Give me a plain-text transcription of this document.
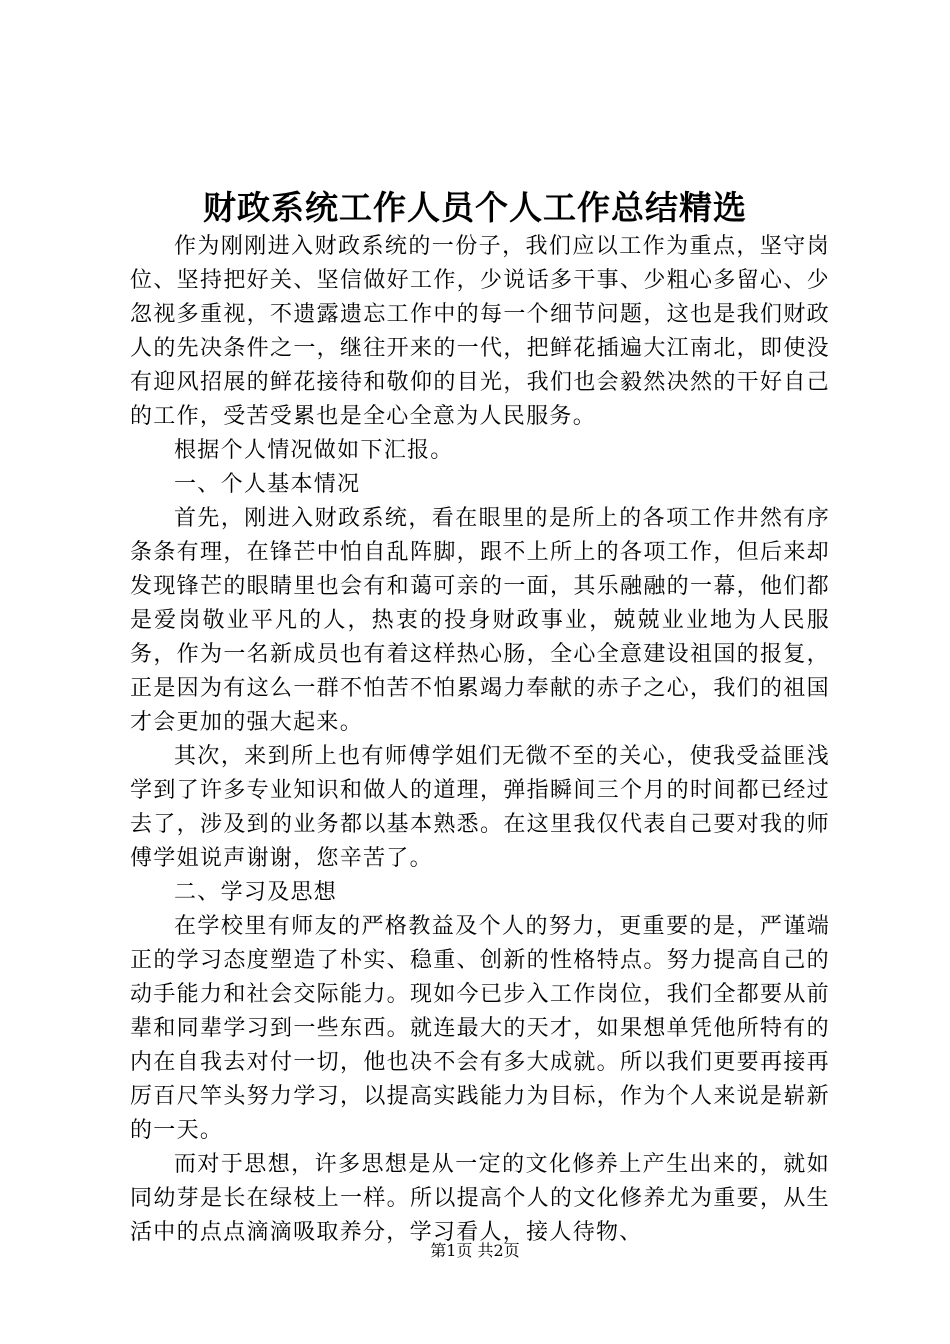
财政系统工作人员个人工作总结精选

作为刚刚进入财政系统的一份子，我们应以工作为重点，坚守岗位、坚持把好关、坚信做好工作，少说话多干事、少粗心多留心、少忽视多重视，不遗露遗忘工作中的每一个细节问题，这也是我们财政人的先决条件之一，继往开来的一代，把鲜花插遍大江南北，即使没有迎风招展的鲜花接待和敬仰的目光，我们也会毅然决然的干好自己的工作，受苦受累也是全心全意为人民服务。

根据个人情况做如下汇报。

一、个人基本情况

首先，刚进入财政系统，看在眼里的是所上的各项工作井然有序条条有理，在锋芒中怕自乱阵脚，跟不上所上的各项工作，但后来却发现锋芒的眼睛里也会有和蔼可亲的一面，其乐融融的一幕，他们都是爱岗敬业平凡的人，热衷的投身财政事业，兢兢业业地为人民服务，作为一名新成员也有着这样热心肠，全心全意建设祖国的报复，正是因为有这么一群不怕苦不怕累竭力奉献的赤子之心，我们的祖国才会更加的强大起来。

其次，来到所上也有师傅学姐们无微不至的关心，使我受益匪浅学到了许多专业知识和做人的道理，弹指瞬间三个月的时间都已经过去了，涉及到的业务都以基本熟悉。在这里我仅代表自己要对我的师傅学姐说声谢谢，您辛苦了。

二、学习及思想

在学校里有师友的严格教益及个人的努力，更重要的是，严谨端正的学习态度塑造了朴实、稳重、创新的性格特点。努力提高自己的动手能力和社会交际能力。现如今已步入工作岗位，我们全都要从前辈和同辈学习到一些东西。就连最大的天才，如果想单凭他所特有的内在自我去对付一切，他也决不会有多大成就。所以我们更要再接再厉百尺竿头努力学习，以提高实践能力为目标，作为个人来说是崭新的一天。

而对于思想，许多思想是从一定的文化修养上产生出来的，就如同幼芽是长在绿枝上一样。所以提高个人的文化修养尤为重要，从生活中的点点滴滴吸取养分，学习看人，接人待物、

第1页 共2页
